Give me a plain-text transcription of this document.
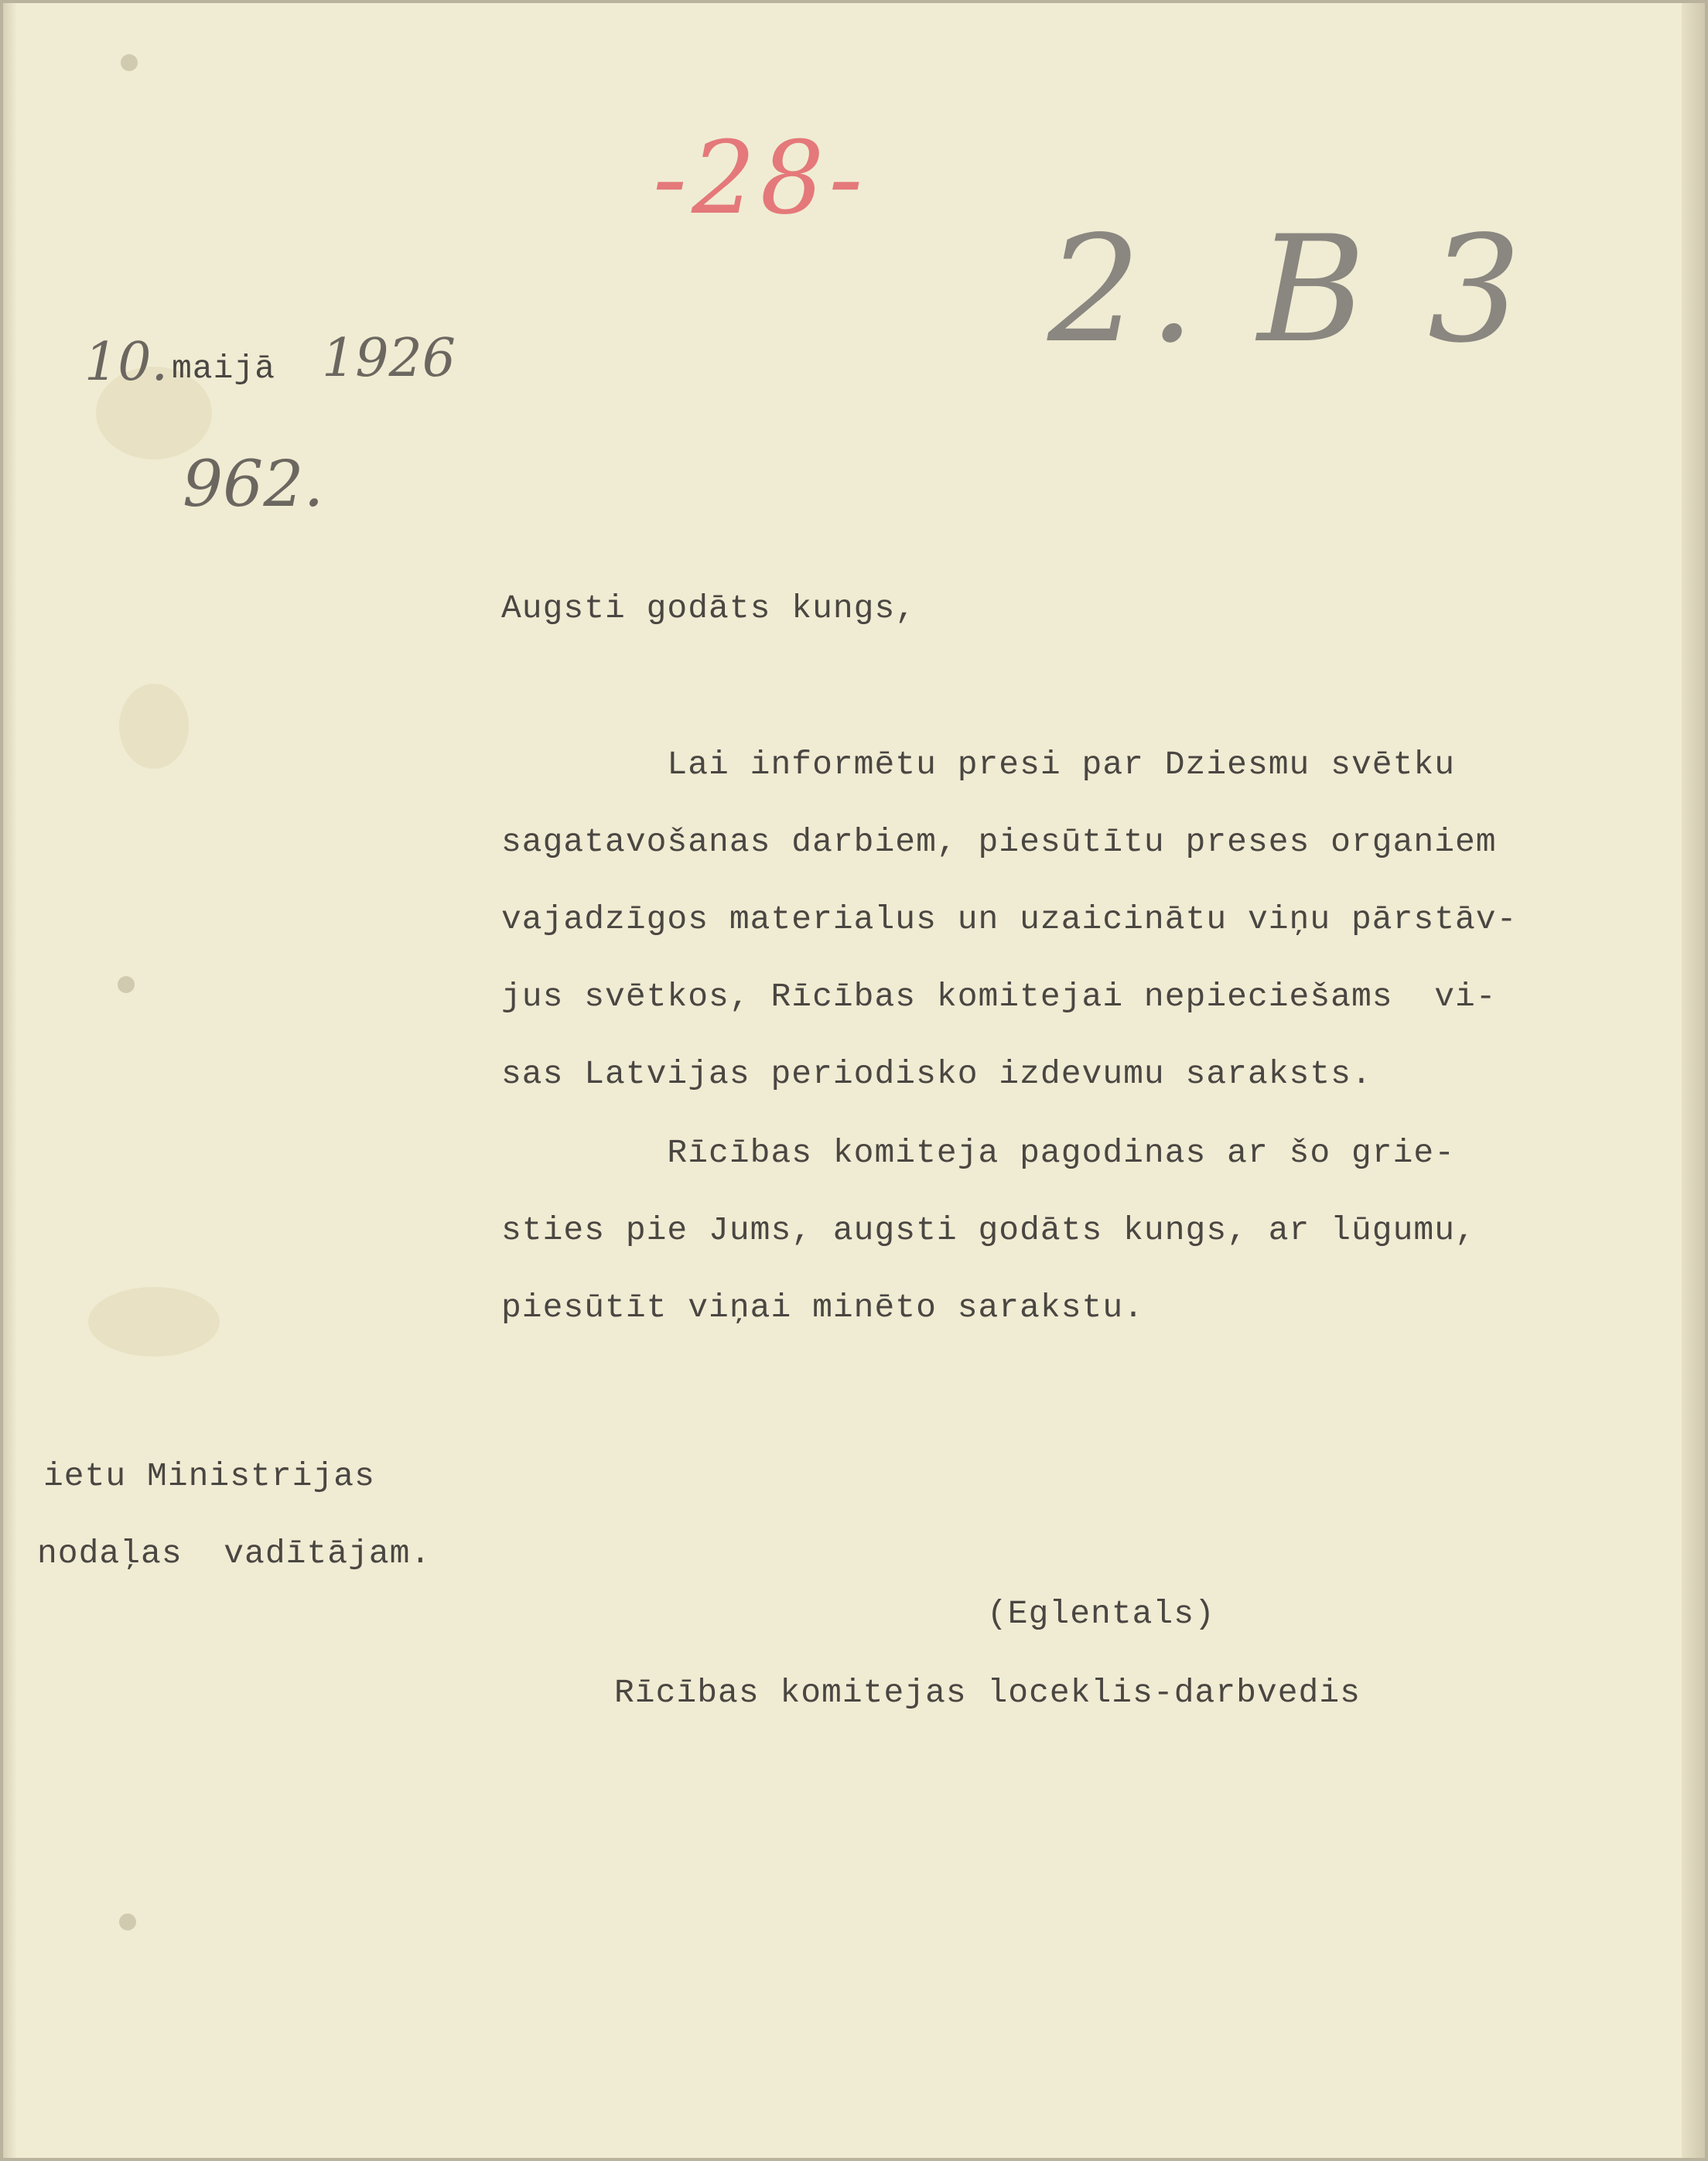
-28-
2. B 3
10. maijā 1926
962.
Augsti godāts kungs,
Lai informētu presi par Dziesmu svētku
sagatavošanas darbiem, piesūtītu preses organiem
vajadzīgos materialus un uzaicinātu viņu pārstāv-
jus svētkos, Rīcības komitejai nepieciešams  vi-
sas Latvijas periodisko izdevumu saraksts.
Rīcības komiteja pagodinas ar šo grie-
sties pie Jums, augsti godāts kungs, ar lūgumu,
piesūtīt viņai minēto sarakstu.
ietu Ministrijas
nodaļas  vadītājam.
(Eglentals)
Rīcības komitejas loceklis-darbvedis
